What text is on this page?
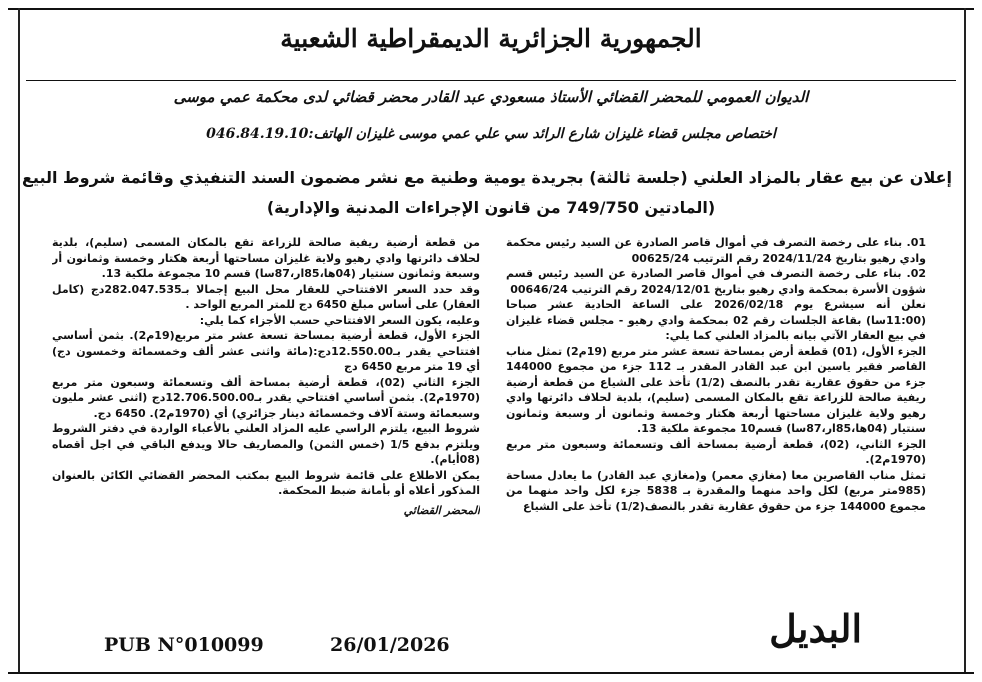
الجمهورية الجزائرية الديمقراطية الشعبية
الديوان العمومي للمحضر القضائي الأستاذ مسعودي عبد القادر محضر قضائي لدى محكمة عمي موسى
اختصاص مجلس قضاء غليزان شارع الرائد سي علي عمي موسى غليزان الهاتف:046.84.19.10
إعلان عن بيع عقار بالمزاد العلني (جلسة ثالثة) بجريدة يومية وطنية مع نشر مضمون السند التنفيذي وقائمة شروط البيع
(المادتين 749/750 من قانون الإجراءات المدنية والإدارية)

01. بناء على رخصة التصرف في أموال قاصر الصادرة عن السيد رئيس محكمة وادي رهيو بتاريخ 2024/11/24 رقم الترتيب 00625/24

02. بناء على رخصة التصرف في أموال قاصر الصادرة عن السيد رئيس قسم شؤون الأسرة بمحكمة وادي رهيو بتاريخ 2024/12/01 رقم الترتيب 00646/24

نعلن أنه سيشرع يوم 2026/02/18 على الساعة الحادية عشر صباحا (11:00سا) بقاعة الجلسات رقم 02 بمحكمة وادي رهيو - مجلس قضاء غليزان في بيع العقار الآتي بيانه بالمزاد العلني كما يلي:

الجزء الأول، (01) قطعة أرض بمساحة تسعة عشر متر مربع (19م2) تمثل مناب القاصر فقير ياسين ابن عبد القادر المقدر بـ 112 جزء من مجموع 144000 جزء من حقوق عقارية تقدر بالنصف (1/2) تأخذ على الشياع من قطعة أرضية ريفية صالحة للزراعة تقع بالمكان المسمى (سليم)، بلدية لحلاف دائرتها وادي رهيو ولاية غليزان مساحتها أربعة هكتار وخمسة وثمانون أر وسبعة وثمانون سنتيار (04ها،85ار،87سا) قسم10 مجموعة ملكية 13.

الجزء الثاني، (02)، قطعة أرضية بمساحة ألف وتسعمائة وسبعون متر مربع (1970م2).

تمثل مناب القاصرين معا (مغازي معمر) و(مغازي عبد القادر) ما يعادل مساحة (985متر مربع) لكل واحد منهما والمقدرة بـ 5838 جزء لكل واحد منهما من مجموع 144000 جزء من حقوق عقارية تقدر بالنصف(1/2) تأخذ على الشياع

من قطعة أرضية ريفية صالحة للزراعة تقع بالمكان المسمى (سليم)، بلدية لحلاف دائرتها وادي رهيو ولاية غليزان مساحتها أربعة هكتار وخمسة وثمانون أر وسبعة وثمانون سنتيار (04ها،85ار،87سا) قسم 10 مجموعة ملكية 13.

وقد حدد السعر الافتتاحي للعقار محل البيع إجمالا بـ282.047.535دج (كامل العقار) على أساس مبلغ 6450 دج للمتر المربع الواحد .

وعليه، يكون السعر الافتتاحي حسب الأجزاء كما يلي:

الجزء الأول، قطعة أرضية بمساحة تسعة عشر متر مربع(19م2). بثمن أساسي افتتاحي يقدر بـ12.550.00دج:(مائة واثنى عشر ألف وخمسمائة وخمسون دج) أي 19 متر مربع 6450 دج

الجزء الثاني (02)، قطعة أرضية بمساحة ألف وتسعمائة وسبعون متر مربع (1970م2). بثمن أساسي افتتاحي يقدر بـ12.706.500.00دج (اثنى عشر مليون وسبعمائة وستة آلاف وخمسمائة دينار جزائري) أي (1970م2). 6450 دج.

شروط البيع، يلتزم الراسي عليه المزاد العلني بالأعباء الواردة في دفتر الشروط ويلتزم بدفع 1/5 (خمس الثمن) والمصاريف حالا ويدفع الباقي في اجل أقصاه (08أيام).

يمكن الاطلاع على قائمة شروط البيع بمكتب المحضر القضائي الكائن بالعنوان المذكور أعلاه أو بأمانة ضبط المحكمة.

المحضر القضائي

البديل
PUB N°010099	26/01/2026
